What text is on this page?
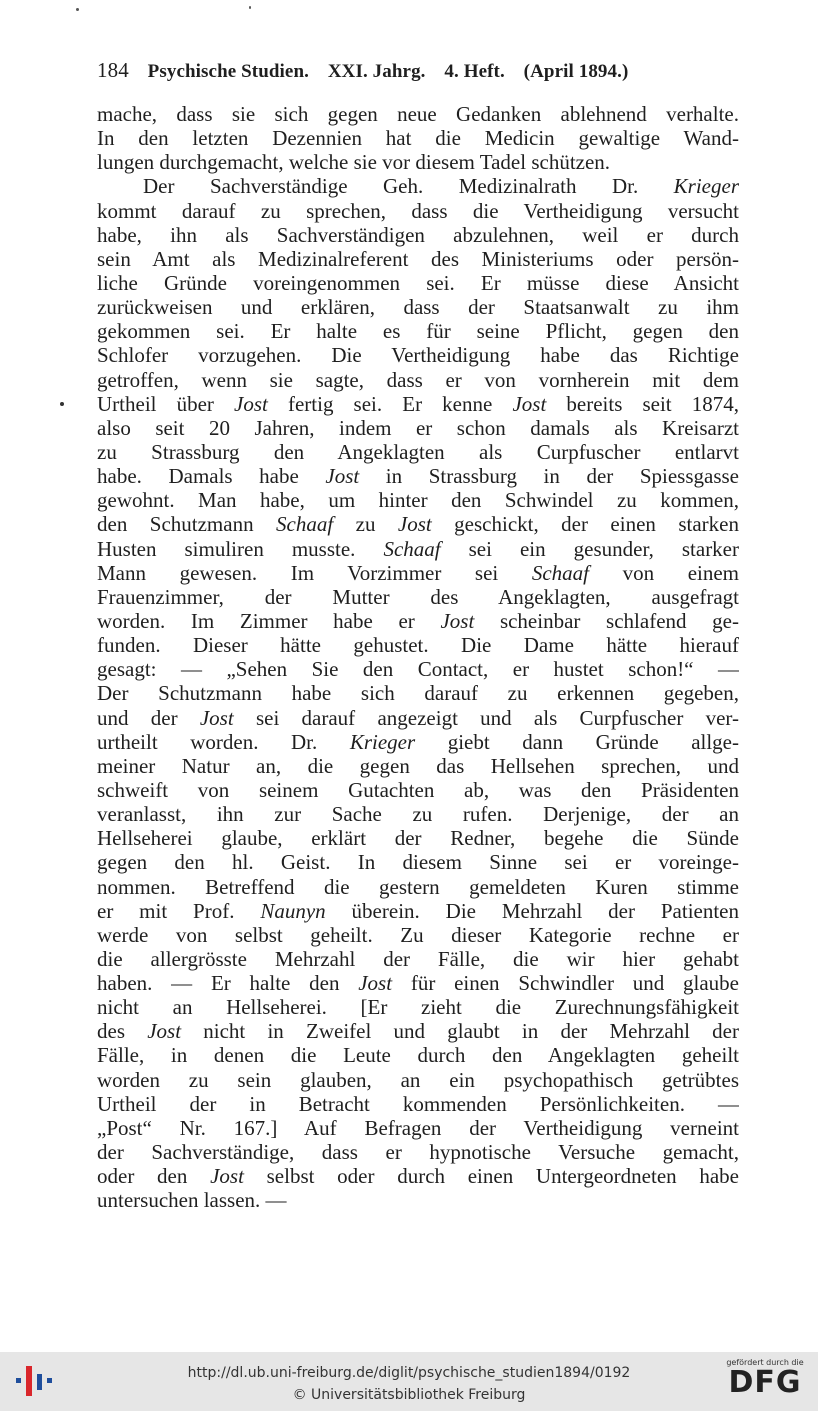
184 Psychische Studien. XXI. Jahrg. 4. Heft. (April 1894.)
mache, dass sie sich gegen neue Gedanken ablehnend verhalte.
In den letzten Dezennien hat die Medicin gewaltige Wand-
lungen durchgemacht, welche sie vor diesem Tadel schützen.
Der Sachverständige Geh. Medizinalrath Dr. Krieger
kommt darauf zu sprechen, dass die Vertheidigung versucht
habe, ihn als Sachverständigen abzulehnen, weil er durch
sein Amt als Medizinalreferent des Ministeriums oder persön-
liche Gründe voreingenommen sei. Er müsse diese Ansicht
zurückweisen und erklären, dass der Staatsanwalt zu ihm
gekommen sei. Er halte es für seine Pflicht, gegen den
Schlofer vorzugehen. Die Vertheidigung habe das Richtige
getroffen, wenn sie sagte, dass er von vornherein mit dem
Urtheil über Jost fertig sei. Er kenne Jost bereits seit 1874,
also seit 20 Jahren, indem er schon damals als Kreisarzt
zu Strassburg den Angeklagten als Curpfuscher entlarvt
habe. Damals habe Jost in Strassburg in der Spiessgasse
gewohnt. Man habe, um hinter den Schwindel zu kommen,
den Schutzmann Schaaf zu Jost geschickt, der einen starken
Husten simuliren musste. Schaaf sei ein gesunder, starker
Mann gewesen. Im Vorzimmer sei Schaaf von einem
Frauenzimmer, der Mutter des Angeklagten, ausgefragt
worden. Im Zimmer habe er Jost scheinbar schlafend ge-
funden. Dieser hätte gehustet. Die Dame hätte hierauf
gesagt: — „Sehen Sie den Contact, er hustet schon!“ —
Der Schutzmann habe sich darauf zu erkennen gegeben,
und der Jost sei darauf angezeigt und als Curpfuscher ver-
urtheilt worden. Dr. Krieger giebt dann Gründe allge-
meiner Natur an, die gegen das Hellsehen sprechen, und
schweift von seinem Gutachten ab, was den Präsidenten
veranlasst, ihn zur Sache zu rufen. Derjenige, der an
Hellseherei glaube, erklärt der Redner, begehe die Sünde
gegen den hl. Geist. In diesem Sinne sei er voreinge-
nommen. Betreffend die gestern gemeldeten Kuren stimme
er mit Prof. Naunyn überein. Die Mehrzahl der Patienten
werde von selbst geheilt. Zu dieser Kategorie rechne er
die allergrösste Mehrzahl der Fälle, die wir hier gehabt
haben. — Er halte den Jost für einen Schwindler und glaube
nicht an Hellseherei. [Er zieht die Zurechnungsfähigkeit
des Jost nicht in Zweifel und glaubt in der Mehrzahl der
Fälle, in denen die Leute durch den Angeklagten geheilt
worden zu sein glauben, an ein psychopathisch getrübtes
Urtheil der in Betracht kommenden Persönlichkeiten. —
„Post“ Nr. 167.] Auf Befragen der Vertheidigung verneint
der Sachverständige, dass er hypnotische Versuche gemacht,
oder den Jost selbst oder durch einen Untergeordneten habe
untersuchen lassen. —
http://dl.ub.uni-freiburg.de/diglit/psychische_studien1894/0192
© Universitätsbibliothek Freiburg
gefördert durch die
DFG
